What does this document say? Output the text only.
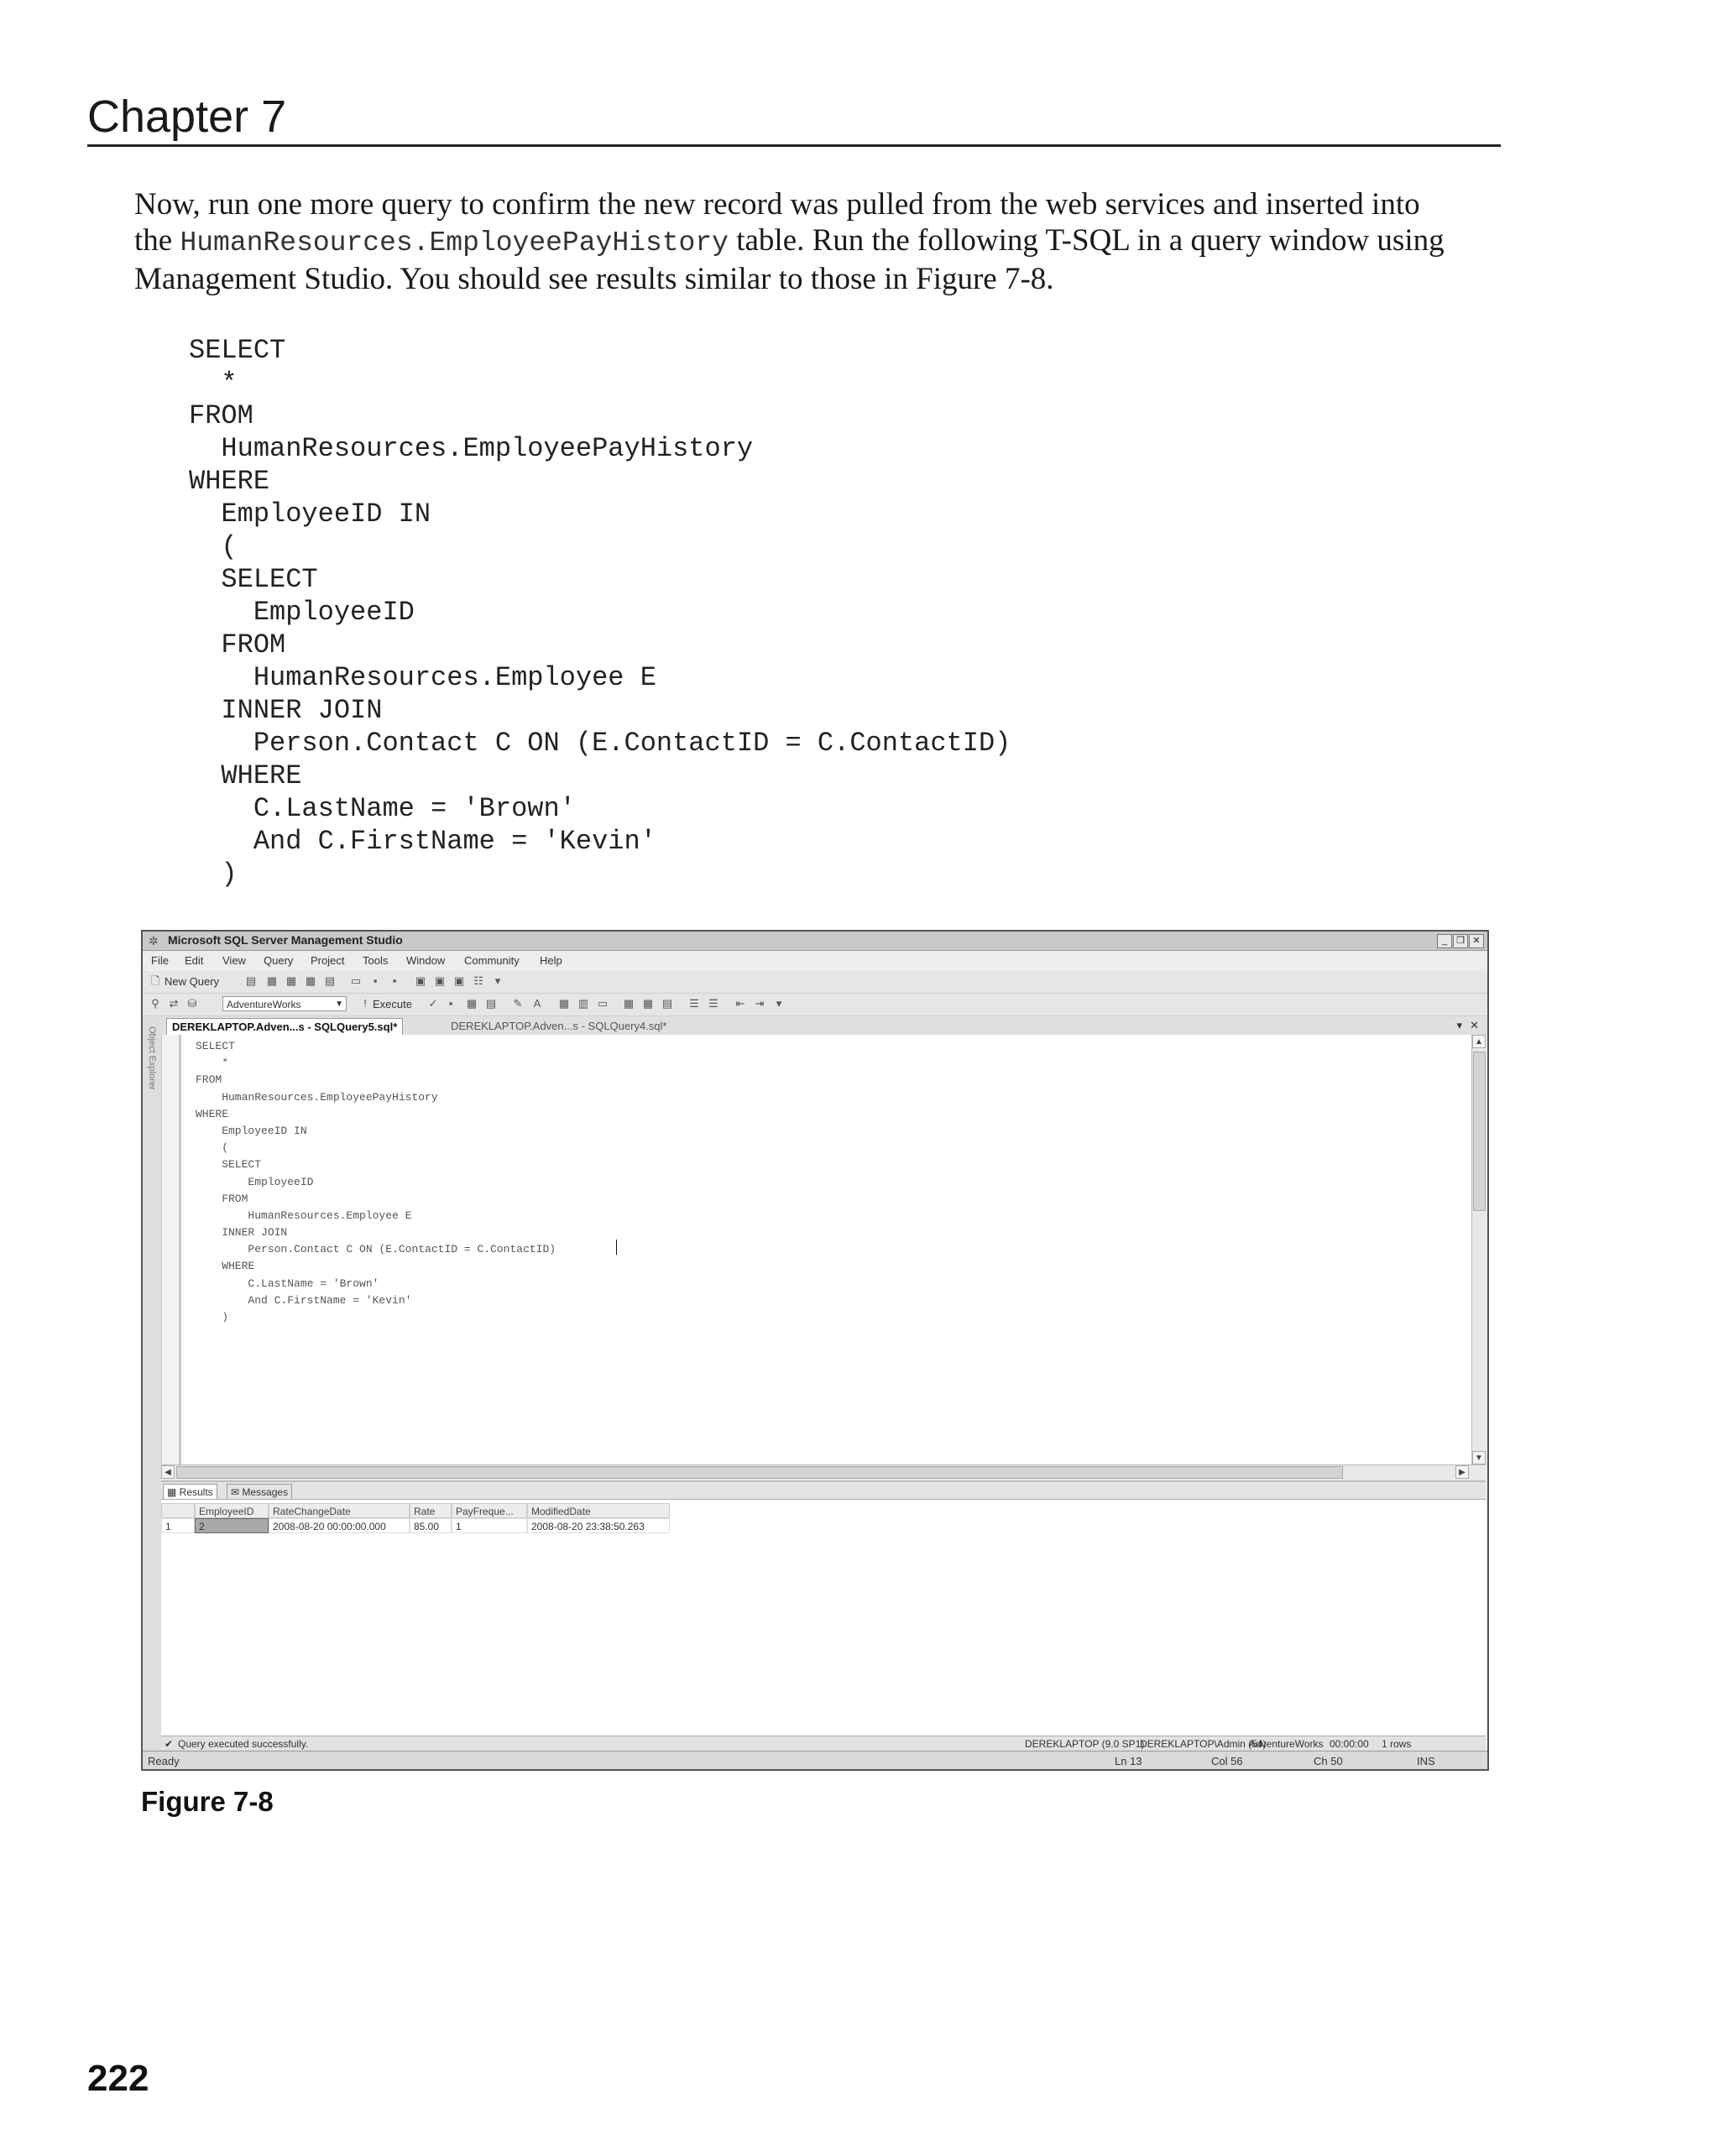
Chapter 7

Now, run one more query to confirm the new record was pulled from the web services and inserted into

the HumanResources.EmployeePayHistory table. Run the following T-SQL in a query window using

Management Studio. You should see results similar to those in Figure 7-8.

SELECT
*
FROM
HumanResources.EmployeePayHistory
WHERE
EmployeeID IN
(
SELECT
EmployeeID
FROM
HumanResources.Employee E
INNER JOIN
Person.Contact C ON (E.ContactID = C.ContactID)
WHERE
C.LastName = 'Brown'
And C.FirstName = 'Kevin'
)
✲ Microsoft SQL Server Management Studio	_	❐ ✕
File Edit View Query Project Tools Window Community Help
🗋 New Query ▤ ▦ ▦ ▦ ▤ ▭	▪	▪	▣ ▣ ▣ ☷	▾
⚲ ⇄ ⛁	AdventureWorks	▼	! Execute ✓	▪	▦ ▤ ✎	A	▦ ▥ ▭ ▦ ▦ ▤ ☰ ☰ ⇤ ⇥	▾
Object Explorer	DEREKLAPTOP.Adven...s - SQLQuery5.sql*	DEREKLAPTOP.Adven...s - SQLQuery4.sql*	▾ ✕
SELECT
*
FROM
HumanResources.EmployeePayHistory
WHERE
EmployeeID IN
(
SELECT
EmployeeID
FROM
HumanResources.Employee E
INNER JOIN
Person.Contact C ON (E.ContactID = C.ContactID)
WHERE
C.LastName = 'Brown'
And C.FirstName = 'Kevin'
)
▲
▼
◀	▶
▦ Results	✉ Messages
EmployeeID	RateChangeDate	Rate	PayFreque...	ModifiedDate
1	2	2008-08-20 00:00:00.000	85.00	1	2008-08-20 23:38:50.263
✔ Query executed successfully.	DEREKLAPTOP (9.0 SP1)
DEREKLAPTOP\Admin (54)
AdventureWorks 00:00:00 1 rows
Ready	Ln 13	Col 56	Ch 50	INS
Figure 7-8
222
